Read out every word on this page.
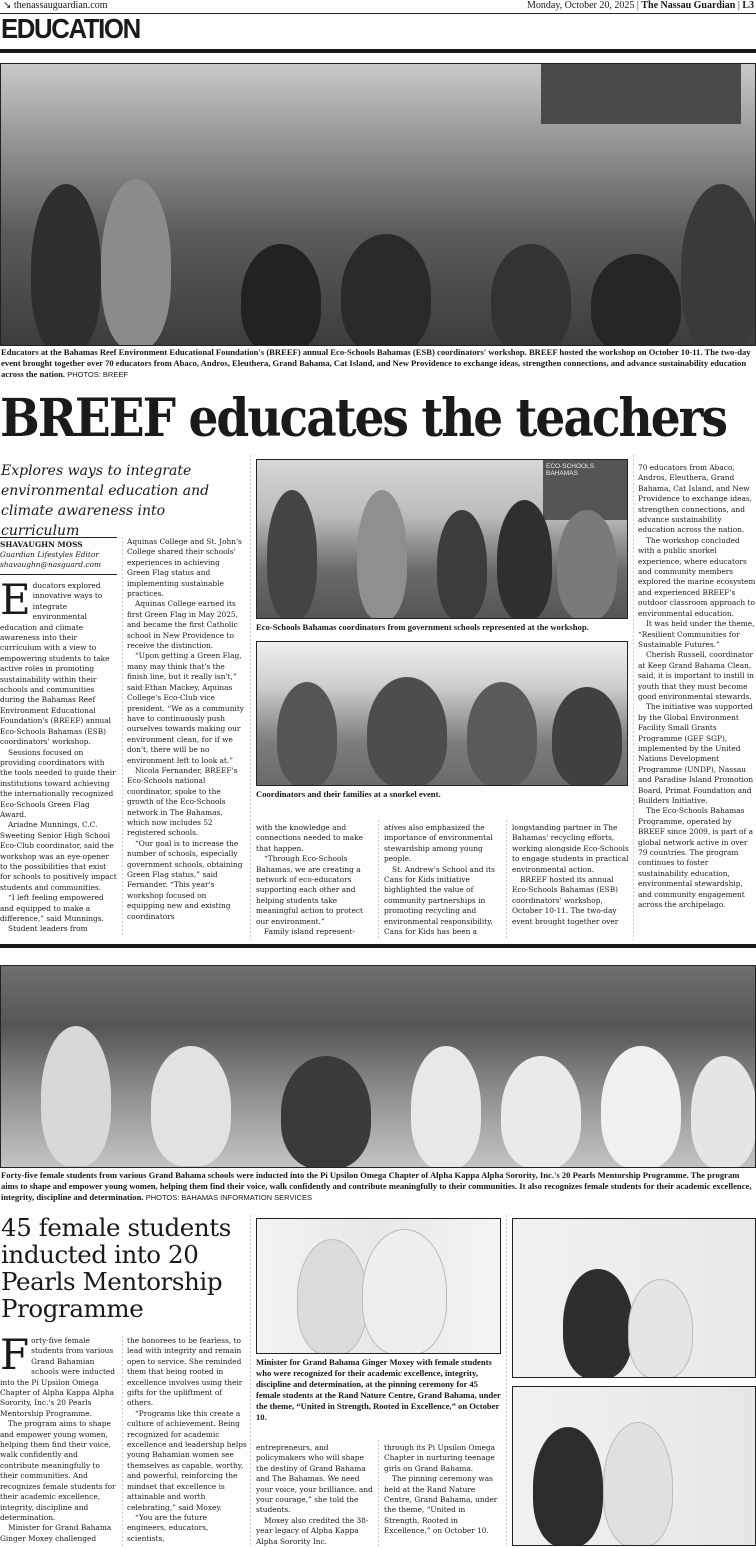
↘ thenassauguardian.com	Monday, October 20, 2025 | The Nassau Guardian | L3
EDUCATION
Educators at the Bahamas Reef Environment Educational Foundation's (BREEF) annual Eco-Schools Bahamas (ESB) coordinators' workshop. BREEF hosted the workshop on October 10-11. The two-day event brought together over 70 educators from Abaco, Andros, Eleuthera, Grand Bahama, Cat Island, and New Providence to exchange ideas, strengthen connections, and advance sustainability education across the nation. PHOTOS: BREEF
BREEF educates the teachers
Explores ways to integrate environmental education and climate awareness into curriculum
SHAVAUGHN MOSS
Guardian Lifestyles Editor
shavaughn@nasguard.com

Educators explored innovative ways to integrate environmental education and climate awareness into their curriculum with a view to empowering students to take active roles in promoting sustainability within their schools and communities during the Bahamas Reef Environment Educational Foundation's (BREEF) annual Eco-Schools Bahamas (ESB) coordinators' workshop.

Sessions focused on providing coordinators with the tools needed to guide their institutions toward achieving the internationally recognized Eco-Schools Green Flag Award.

Ariadne Munnings, C.C. Sweeting Senior High School Eco-Club coordinator, said the workshop was an eye-opener to the possibilities that exist for schools to positively impact students and communities.

“I left feeling empowered and equipped to make a difference,” said Munnings.

Student leaders from

Aquinas College and St. John's College shared their schools' experiences in achieving Green Flag status and implementing sustainable practices.

Aquinas College earned its first Green Flag in May 2025, and became the first Catholic school in New Providence to receive the distinction.

“Upon getting a Green Flag, many may think that's the finish line, but it really isn't,” said Ethan Mackey, Aquinas College's Eco-Club vice president. “We as a community have to continuously push ourselves towards making our environment clean, for if we don't, there will be no environment left to look at.”

Nicola Fernander, BREEF's Eco-Schools national coordinator, spoke to the growth of the Eco-Schools network in The Bahamas, which now includes 52 registered schools.

“Our goal is to increase the number of schools, especially government schools, obtaining Green Flag status,” said Fernander. “This year's workshop focused on equipping new and existing coordinators

ECO-SCHOOLS BAHAMAS
Eco-Schools Bahamas coordinators from government schools represented at the workshop.
Coordinators and their families at a snorkel event.

with the knowledge and connections needed to make that happen.

“Through Eco-Schools Bahamas, we are creating a network of eco-educators supporting each other and helping students take meaningful action to protect our environment.”

Family island represent-

atives also emphasized the importance of environmental stewardship among young people.

St. Andrew's School and its Cans for Kids initiative highlighted the value of community partnerships in promoting recycling and environmental responsibility. Cans for Kids has been a

longstanding partner in The Bahamas' recycling efforts, working alongside Eco-Schools to engage students in practical environmental action.

BREEF hosted its annual Eco-Schools Bahamas (ESB) coordinators' workshop, October 10-11. The two-day event brought together over

70 educators from Abaco, Andros, Eleuthera, Grand Bahama, Cat Island, and New Providence to exchange ideas, strengthen connections, and advance sustainability education across the nation.

The workshop concluded with a public snorkel experience, where educators and community members explored the marine ecosystem and experienced BREEF's outdoor classroom approach to environmental education.

It was held under the theme, “Resilient Communities for Sustainable Futures.”

Cherish Russell, coordinator at Keep Grand Bahama Clean, said, it is important to instill in youth that they must become good environmental stewards.

The initiative was supported by the Global Environment Facility Small Grants Programme (GEF SGP), implemented by the United Nations Development Programme (UNDP), Nassau and Paradise Island Promotion Board, Primat Foundation and Builders Initiative.

The Eco-Schools Bahamas Programme, operated by BREEF since 2009, is part of a global network active in over 79 countries. The program continues to foster sustainability education, environmental stewardship, and community engagement across the archipelago.

Forty-five female students from various Grand Bahama schools were inducted into the Pi Upsilon Omega Chapter of Alpha Kappa Alpha Sorority, Inc.'s 20 Pearls Mentorship Programme. The program aims to shape and empower young women, helping them find their voice, walk confidently and contribute meaningfully to their communities. It also recognizes female students for their academic excellence, integrity, discipline and determination. PHOTOS: BAHAMAS INFORMATION SERVICES
45 female students inducted into 20 Pearls Mentorship Programme

Forty-five female students from various Grand Bahamian schools were inducted into the Pi Upsilon Omega Chapter of Alpha Kappa Alpha Sorority, Inc.'s 20 Pearls Mentorship Programme.

The program aims to shape and empower young women, helping them find their voice, walk confidently and contribute meaningfully to their communities. And recognizes female students for their academic excellence, integrity, discipline and determination.

Minister for Grand Bahama Ginger Moxey challenged

the honorees to be fearless, to lead with integrity and remain open to service. She reminded them that being rooted in excellence involves using their gifts for the upliftment of others.

“Programs like this create a culture of achievement. Being recognized for academic excellence and leadership helps young Bahamian women see themselves as capable, worthy, and powerful, reinforcing the mindset that excellence is attainable and worth celebrating,” said Moxey.

“You are the future engineers, educators, scientists,

Minister for Grand Bahama Ginger Moxey with female students who were recognized for their academic excellence, integrity, discipline and determination, at the pinning ceremony for 45 female students at the Rand Nature Centre, Grand Bahama, under the theme, “United in Strength, Rooted in Excellence,” on October 10.

entrepreneurs, and policymakers who will shape the destiny of Grand Bahama and The Bahamas. We need your voice, your brilliance, and your courage,” she told the students.

Moxey also credited the 38-year legacy of Alpha Kappa Alpha Sorority Inc.

through its Pi Upsilon Omega Chapter in nurturing teenage girls on Grand Bahama.

The pinning ceremony was held at the Rand Nature Centre, Grand Bahama, under the theme, “United in Strength, Rooted in Excellence,” on October 10.
